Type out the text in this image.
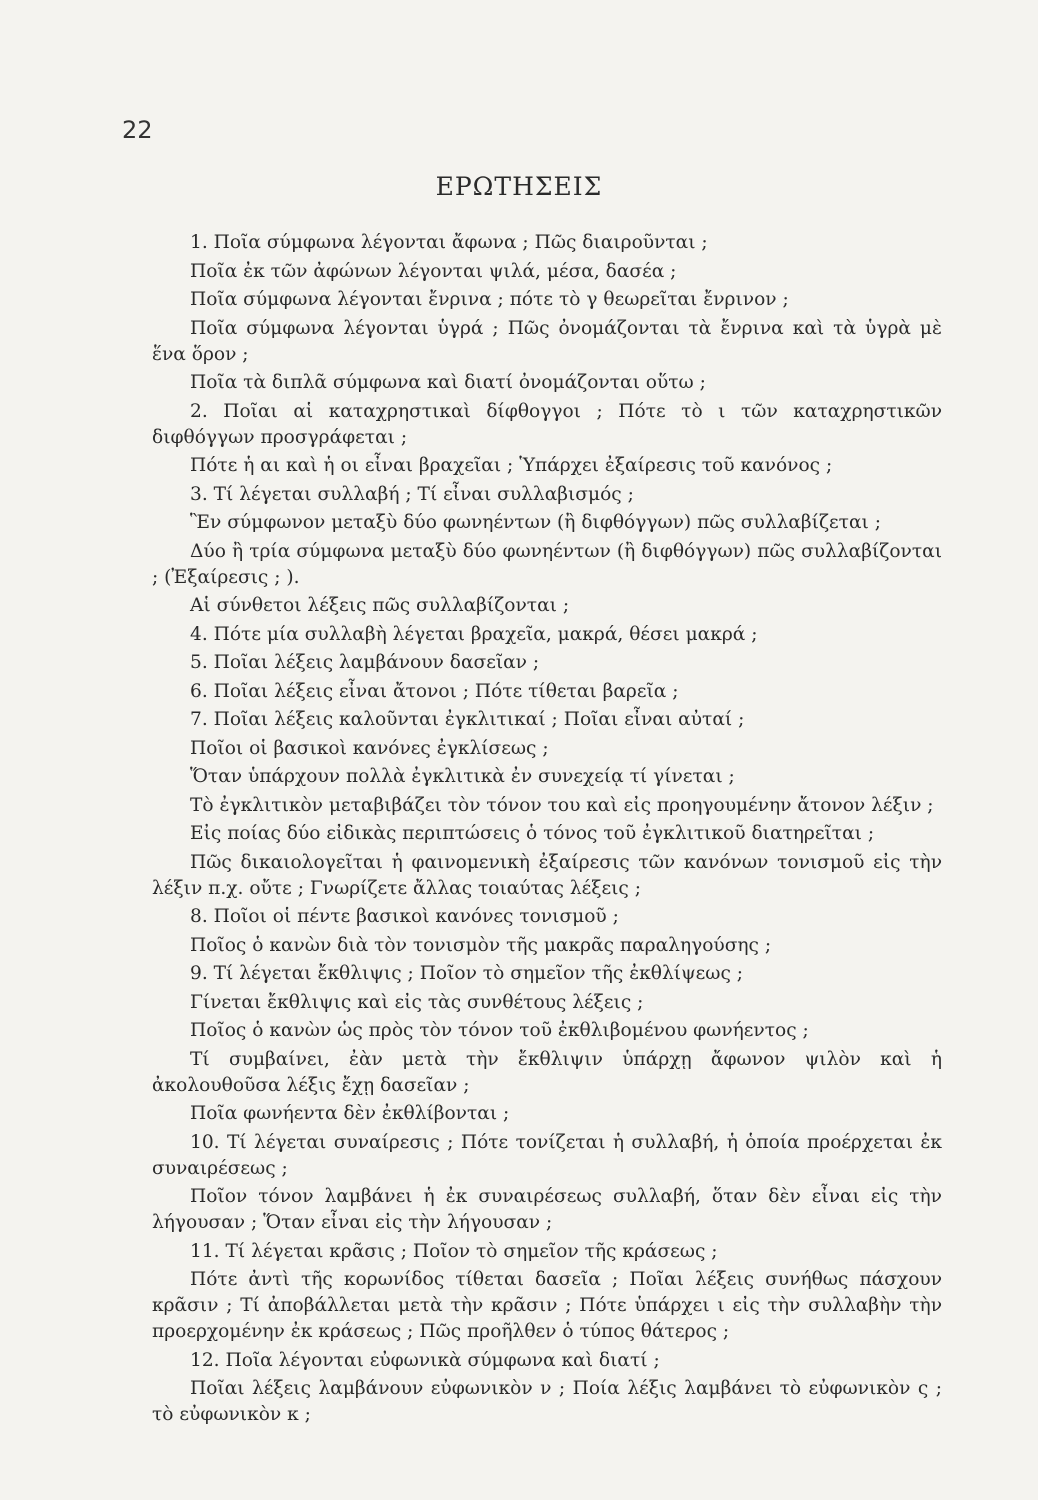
22
ΕΡΩΤΗΣΕΙΣ

1. Ποῖα σύμφωνα λέγονται ἄφωνα ; Πῶς διαιροῦνται ;

Ποῖα ἐκ τῶν ἀφώνων λέγονται ψιλά, μέσα, δασέα ;

Ποῖα σύμφωνα λέγονται ἔνρινα ; πότε τὸ γ θεωρεῖται ἔνρινον ;

Ποῖα σύμφωνα λέγονται ὑγρά ; Πῶς ὀνομάζονται τὰ ἔνρινα καὶ τὰ ὑγρὰ μὲ ἕνα ὅρον ;

Ποῖα τὰ διπλᾶ σύμφωνα καὶ διατί ὀνομάζονται οὕτω ;

2. Ποῖαι αἱ καταχρηστικαὶ δίφθογγοι ; Πότε τὸ ι τῶν καταχρηστικῶν διφθόγγων προσγράφεται ;

Πότε ἡ αι καὶ ἡ οι εἶναι βραχεῖαι ; Ὑπάρχει ἐξαίρεσις τοῦ κανόνος ;

3. Τί λέγεται συλλαβή ; Τί εἶναι συλλαβισμός ;

Ἓν σύμφωνον μεταξὺ δύο φωνηέντων (ἢ διφθόγγων) πῶς συλλαβίζεται ;

Δύο ἢ τρία σύμφωνα μεταξὺ δύο φωνηέντων (ἢ διφθόγγων) πῶς συλλαβίζονται ; (Ἐξαίρεσις ; ).

Αἱ σύνθετοι λέξεις πῶς συλλαβίζονται ;

4. Πότε μία συλλαβὴ λέγεται βραχεῖα, μακρά, θέσει μακρά ;

5. Ποῖαι λέξεις λαμβάνουν δασεῖαν ;

6. Ποῖαι λέξεις εἶναι ἄτονοι ; Πότε τίθεται βαρεῖα ;

7. Ποῖαι λέξεις καλοῦνται ἐγκλιτικαί ; Ποῖαι εἶναι αὐταί ;

Ποῖοι οἱ βασικοὶ κανόνες ἐγκλίσεως ;

Ὅταν ὑπάρχουν πολλὰ ἐγκλιτικὰ ἐν συνεχείᾳ τί γίνεται ;

Τὸ ἐγκλιτικὸν μεταβιβάζει τὸν τόνον του καὶ εἰς προηγουμένην ἄτονον λέξιν ;

Εἰς ποίας δύο εἰδικὰς περιπτώσεις ὁ τόνος τοῦ ἐγκλιτικοῦ διατηρεῖται ;

Πῶς δικαιολογεῖται ἡ φαινομενικὴ ἐξαίρεσις τῶν κανόνων τονισμοῦ εἰς τὴν λέξιν π.χ. οὔτε ; Γνωρίζετε ἄλλας τοιαύτας λέξεις ;

8. Ποῖοι οἱ πέντε βασικοὶ κανόνες τονισμοῦ ;

Ποῖος ὁ κανὼν διὰ τὸν τονισμὸν τῆς μακρᾶς παραληγούσης ;

9. Τί λέγεται ἔκθλιψις ; Ποῖον τὸ σημεῖον τῆς ἐκθλίψεως ;

Γίνεται ἔκθλιψις καὶ εἰς τὰς συνθέτους λέξεις ;

Ποῖος ὁ κανὼν ὡς πρὸς τὸν τόνον τοῦ ἐκθλιβομένου φωνήεντος ;

Τί συμβαίνει, ἐὰν μετὰ τὴν ἔκθλιψιν ὑπάρχῃ ἄφωνον ψιλὸν καὶ ἡ ἀκολουθοῦσα λέξις ἔχῃ δασεῖαν ;

Ποῖα φωνήεντα δὲν ἐκθλίβονται ;

10. Τί λέγεται συναίρεσις ; Πότε τονίζεται ἡ συλλαβή, ἡ ὁποία προέρχεται ἐκ συναιρέσεως ;

Ποῖον τόνον λαμβάνει ἡ ἐκ συναιρέσεως συλλαβή, ὅταν δὲν εἶναι εἰς τὴν λήγουσαν ; Ὅταν εἶναι εἰς τὴν λήγουσαν ;

11. Τί λέγεται κρᾶσις ; Ποῖον τὸ σημεῖον τῆς κράσεως ;

Πότε ἀντὶ τῆς κορωνίδος τίθεται δασεῖα ; Ποῖαι λέξεις συνήθως πάσχουν κρᾶσιν ; Τί ἀποβάλλεται μετὰ τὴν κρᾶσιν ; Πότε ὑπάρχει ι εἰς τὴν συλλαβὴν τὴν προερχομένην ἐκ κράσεως ; Πῶς προῆλθεν ὁ τύπος θάτερος ;

12. Ποῖα λέγονται εὐφωνικὰ σύμφωνα καὶ διατί ;

Ποῖαι λέξεις λαμβάνουν εὐφωνικὸν ν ; Ποία λέξις λαμβάνει τὸ εὐφωνικὸν ς ; τὸ εὐφωνικὸν κ ;
